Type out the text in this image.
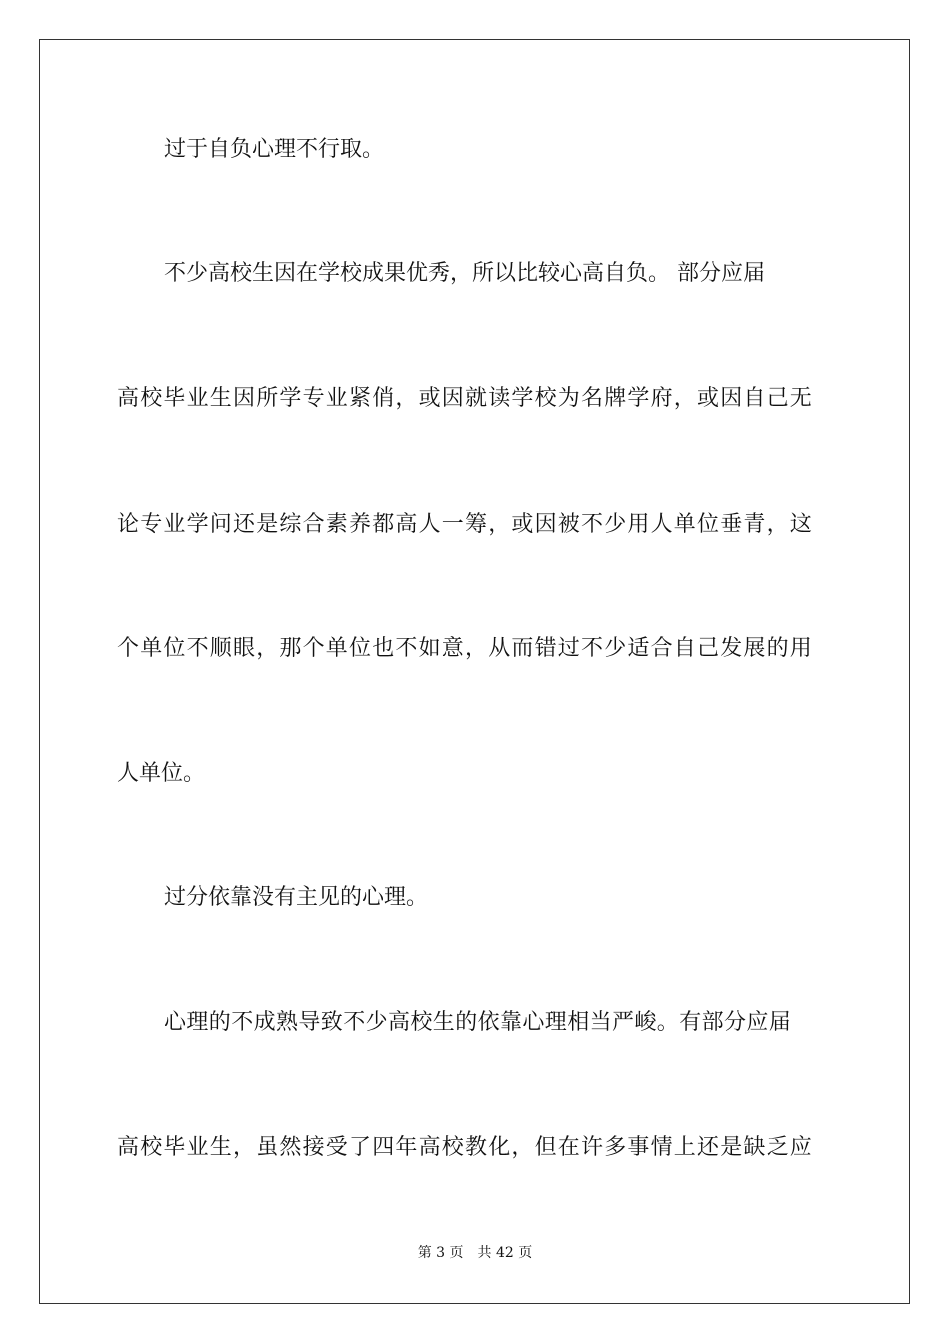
过于自负心理不行取。

不少高校生因在学校成果优秀，所以比较心高自负。 部分应届

高校毕业生因所学专业紧俏，或因就读学校为名牌学府，或因自己无

论专业学问还是综合素养都高人一筹，或因被不少用人单位垂青，这

个单位不顺眼，那个单位也不如意，从而错过不少适合自己发展的用

人单位。

过分依靠没有主见的心理。

心理的不成熟导致不少高校生的依靠心理相当严峻。有部分应届

高校毕业生，虽然接受了四年高校教化，但在许多事情上还是缺乏应

第 3 页 共 42 页
